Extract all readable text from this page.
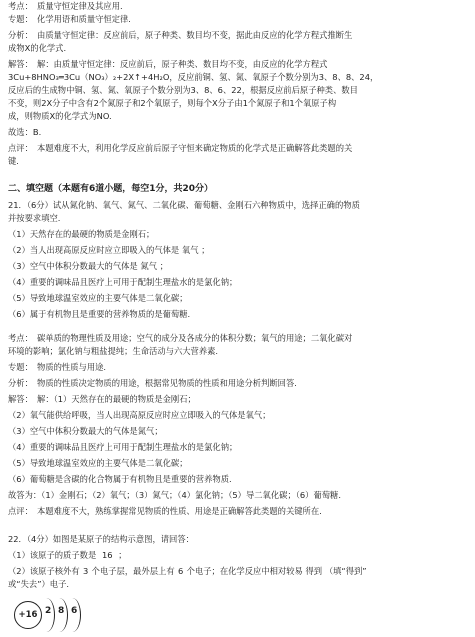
考点：　质量守恒定律及其应用.
专题：　化学用语和质量守恒定律.
分析：　由质量守恒定律：反应前后，原子种类、数目均不变，据此由反应的化学方程式推断生
成物X的化学式.
解答：　解：由质量守恒定律：反应前后，原子种类、数目均不变，由反应的化学方程式
3Cu+8HNO₃═3Cu（NO₃）₂+2X↑+4H₂O，反应前铜、氢、氮、氧原子个数分别为3、8、8、24，
反应后的生成物中铜、氢、氮、氧原子个数分别为3、8、6、22，根据反应前后原子种类、数目
不变，则2X分子中含有2个氮原子和2个氧原子，则每个X分子由1个氮原子和1个氧原子构
成，则物质X的化学式为NO.
故选：B.
点评：　本题难度不大，利用化学反应前后原子守恒来确定物质的化学式是正确解答此类题的关
键.
二、填空题（本题有6道小题，每空1分，共20分）
21．（6分）试从氮化钠、氧气、氮气、二氧化碳、葡萄糖、金刚石六种物质中，选择正确的物质
并按要求填空.
（1）天然存在的最硬的物质是金刚石；
（2）当人出现高原反应时应立即吸入的气体是 氧气 ；
（3）空气中体积分数最大的气体是 氮气 ；
（4）重要的调味品且医疗上可用于配制生理盐水的是氯化钠；
（5）导致地球温室效应的主要气体是二氧化碳；
（6）属于有机物且是重要的营养物质的是葡萄糖.
考点：　碳单质的物理性质及用途；空气的成分及各成分的体积分数；氧气的用途；二氧化碳对
环境的影响；氯化钠与粗盐提纯；生命活动与六大营养素.
专题：　物质的性质与用途.
分析：　物质的性质决定物质的用途，根据常见物质的性质和用途分析判断回答.
解答：　解：（1）天然存在的最硬的物质是金刚石；
（2）氧气能供给呼吸，当人出现高原反应时应立即吸入的气体是氧气；
（3）空气中体积分数最大的气体是氮气；
（4）重要的调味品且医疗上可用于配制生理盐水的是氯化钠；
（5）导致地球温室效应的主要气体是二氧化碳；
（6）葡萄糖是含碳的化合物属于有机物且是重要的营养物质.
故答为：（1）金刚石；（2）氧气；（3）氮气；（4）氯化钠；（5）导二氧化碳；（6）葡萄糖.
点评：　本题难度不大，熟练掌握常见物质的性质、用途是正确解答此类题的关键所在.
22．（4分）如图是某原子的结构示意图，请回答：
（1）该原子的质子数是 16 ；
（2）该原子核外有 3 个电子层，最外层上有 6 个电子；在化学反应中相对较易 得到 （填“得到”
或“失去”）电子.
+16 2 8 6
